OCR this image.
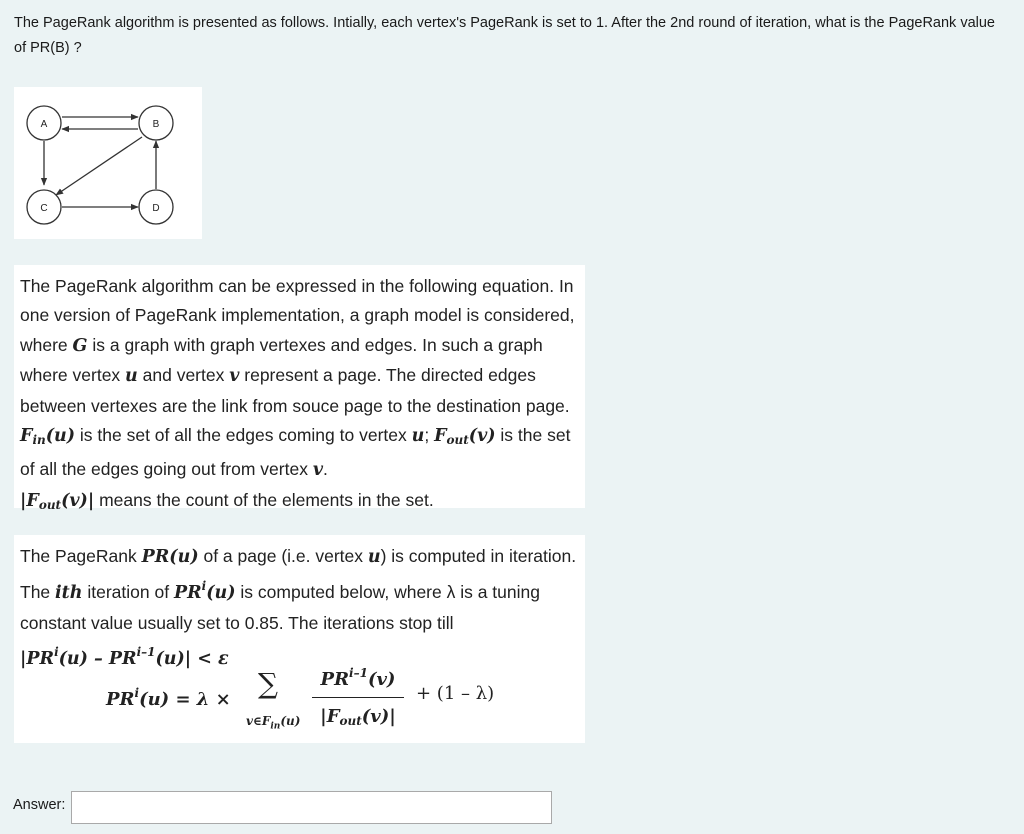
The PageRank algorithm is presented as follows. Intially, each vertex's PageRank is set to 1. After the 2nd round of iteration, what is the PageRank value of PR(B) ?
A	B
C	D
The PageRank algorithm can be expressed in the following equation. In one version of PageRank implementation, a graph model is considered, where G is a graph with graph vertexes and edges. In such a graph where vertex u and vertex v represent a page. The directed edges between vertexes are the link from souce page to the destination page. $F_{in}(u)$ is the set of all the edges coming to vertex u; $F_{out}(v)$ is the set of all the edges going out from vertex v.
$|F_{out}(v)|$ means the count of the elements in the set.
The PageRank PR(u) of a page (i.e. vertex u) is computed in iteration. The ith iteration of $PR^i(u)$ is computed below, where λ is a tuning constant value usually set to 0.85. The iterations stop till
$|PR^i(u) - PR^{i-1}(u)| < \varepsilon$
$PR^i(u) = \lambda$ × ∑
$v\in F_{in}(u)$
PR$^{i-1}$(v)
$|F_{out}(v)|$
+ (1 – λ)
Answer:
